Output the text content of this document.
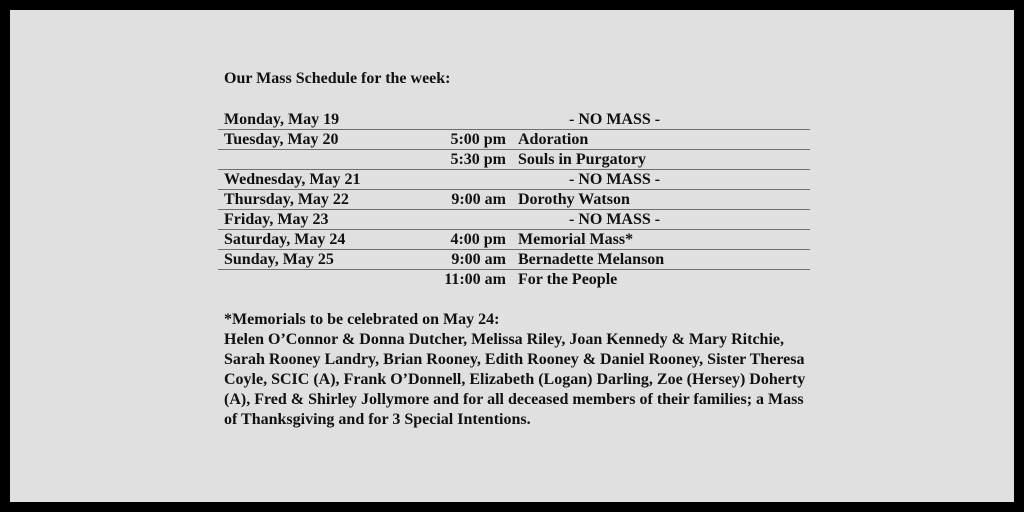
Our Mass Schedule for the week:
Monday, May 19	- NO MASS -
Tuesday, May 20	5:00 pm Adoration
5:30 pm Souls in Purgatory
Wednesday, May 21	- NO MASS -
Thursday, May 22	9:00 am Dorothy Watson
Friday, May 23	- NO MASS -
Saturday, May 24	4:00 pm Memorial Mass*
Sunday, May 25	9:00 am Bernadette Melanson
11:00 am For the People

*Memorials to be celebrated on May 24:

Helen O’Connor & Donna Dutcher, Melissa Riley, Joan Kennedy & Mary Ritchie, Sarah Rooney Landry, Brian Rooney, Edith Rooney & Daniel Rooney, Sister Theresa Coyle, SCIC (A), Frank O’Donnell, Elizabeth (Logan) Darling, Zoe (Hersey) Doherty (A), Fred & Shirley Jollymore and for all deceased members of their families; a Mass of Thanksgiving and for 3 Special Intentions.
